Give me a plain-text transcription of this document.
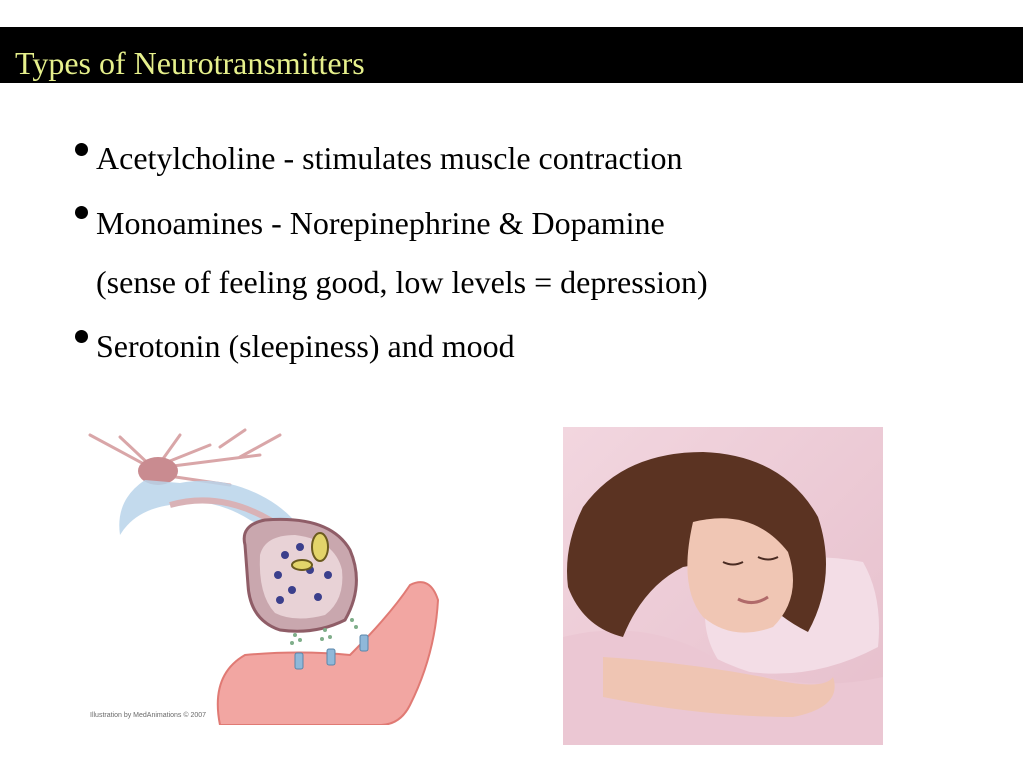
Types of Neurotransmitters
Acetylcholine - stimulates muscle contraction
Monoamines - Norepinephrine & Dopamine
(sense of feeling good, low levels = depression)
Serotonin (sleepiness) and mood
Illustration by MedAnimations © 2007
